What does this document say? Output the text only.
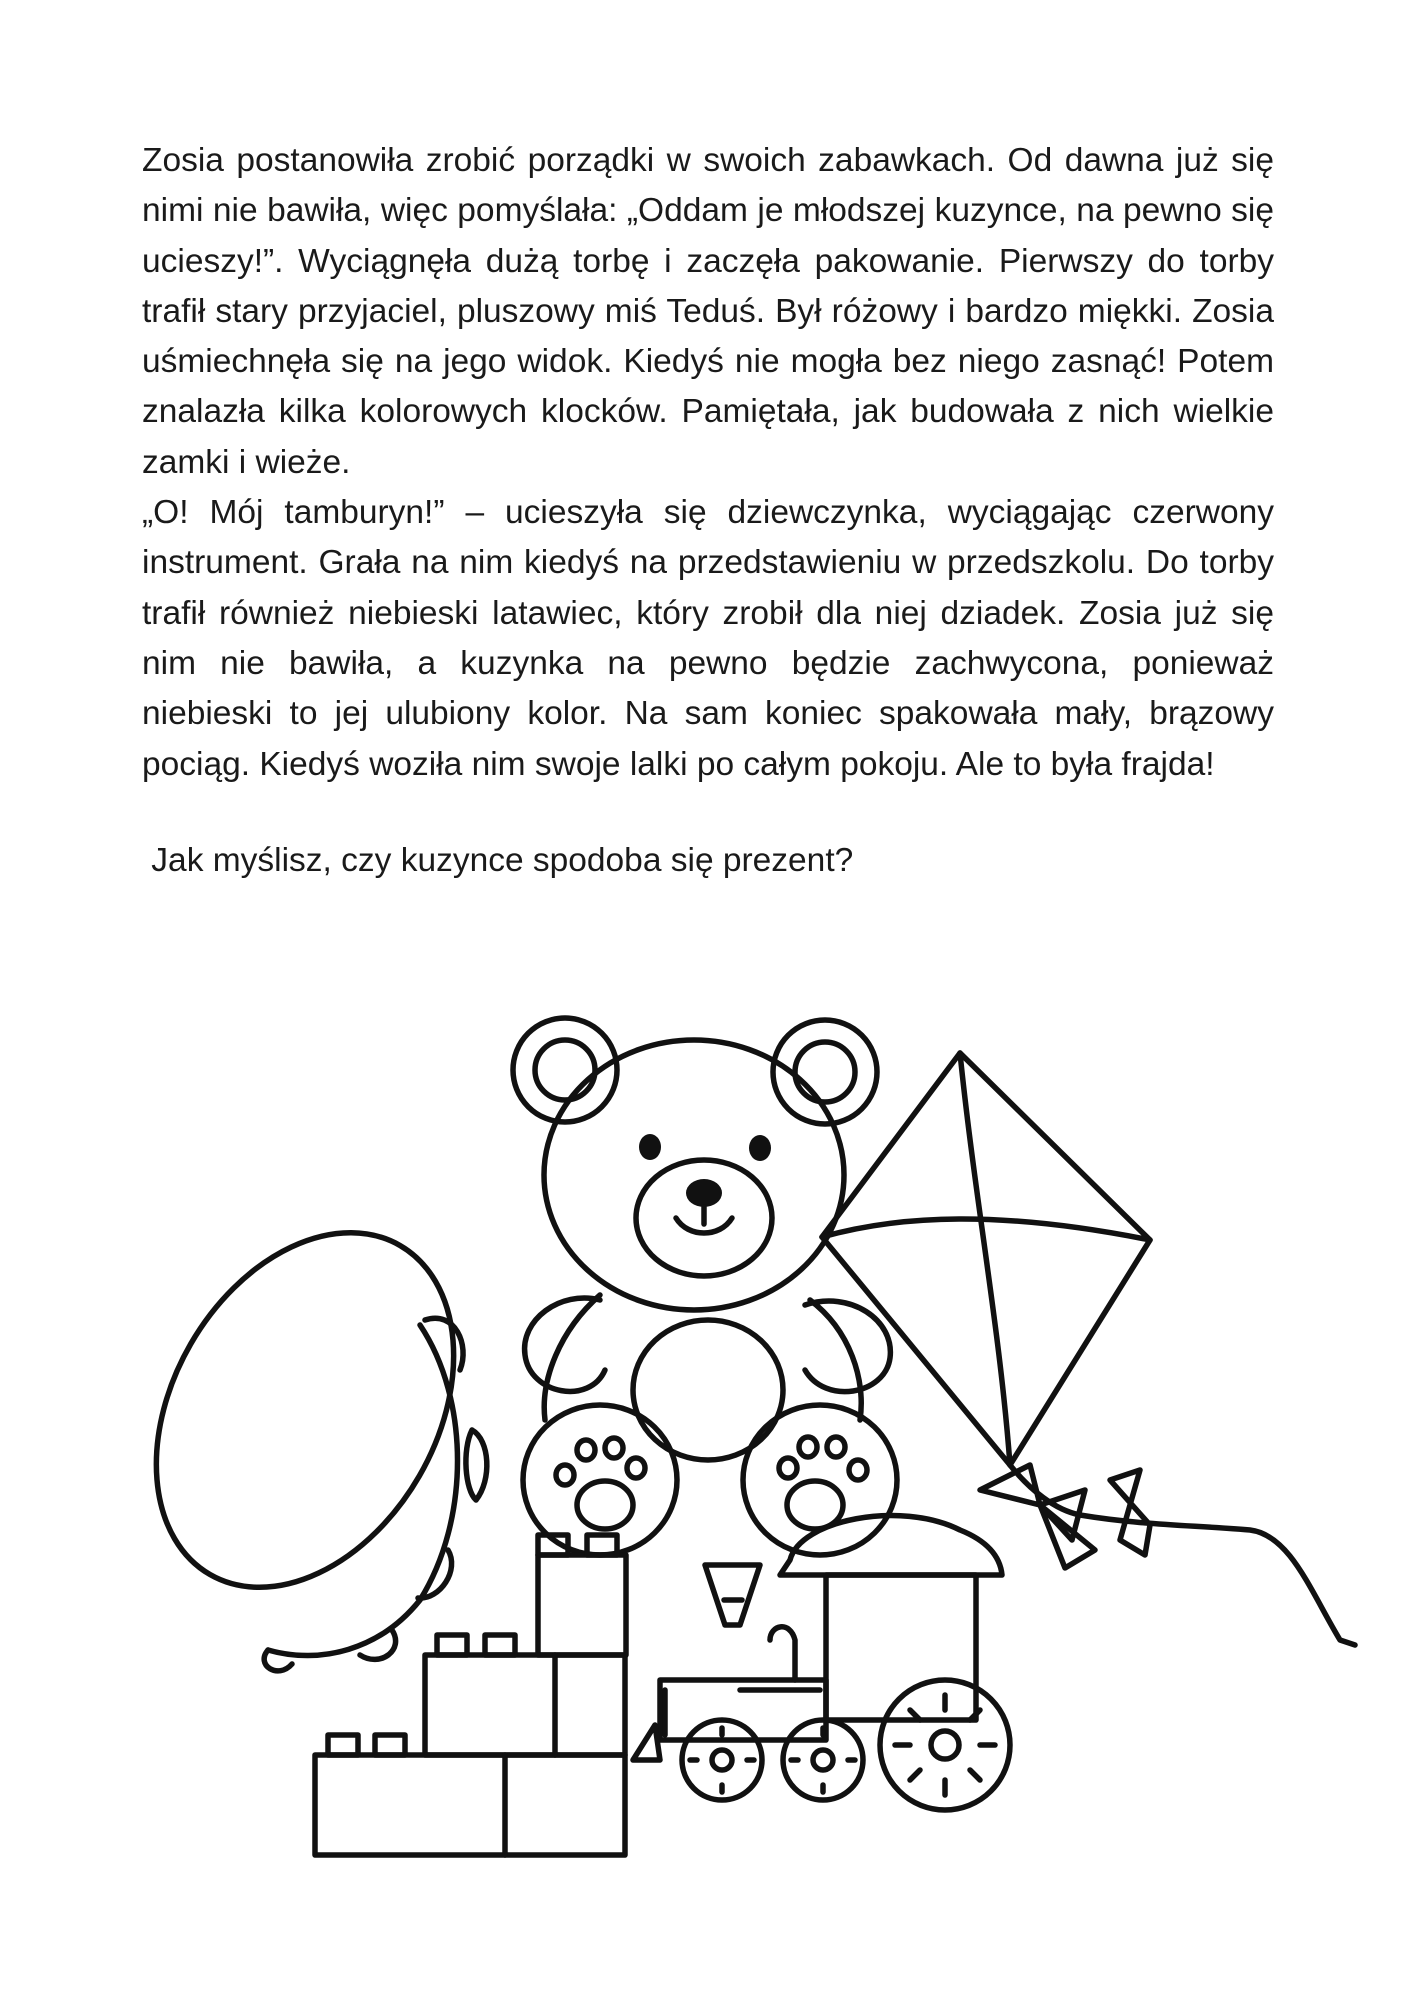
Zosia postanowiła zrobić porządki w swoich zabawkach. Od dawna już się nimi nie bawiła, więc pomyślała: „Oddam je młodszej kuzynce, na pewno się ucieszy!”. Wyciągnęła dużą torbę i zaczęła pakowanie. Pierwszy do torby trafił stary przyjaciel, pluszowy miś Teduś. Był różowy i bardzo miękki. Zosia uśmiechnęła się na jego widok. Kiedyś nie mogła bez niego zasnąć! Potem znalazła kilka kolorowych klocków. Pamiętała, jak budowała z nich wielkie zamki i wieże.

„O! Mój tamburyn!” – ucieszyła się dziewczynka, wyciągając czerwony instrument. Grała na nim kiedyś na przedstawieniu w przedszkolu. Do torby trafił również niebieski latawiec, który zrobił dla niej dziadek. Zosia już się nim nie bawiła, a kuzynka na pewno będzie zachwycona, ponieważ niebieski to jej ulubiony kolor. Na sam koniec spakowała mały, brązowy pociąg. Kiedyś woziła nim swoje lalki po całym pokoju. Ale to była frajda!

Jak myślisz, czy kuzynce spodoba się prezent?
